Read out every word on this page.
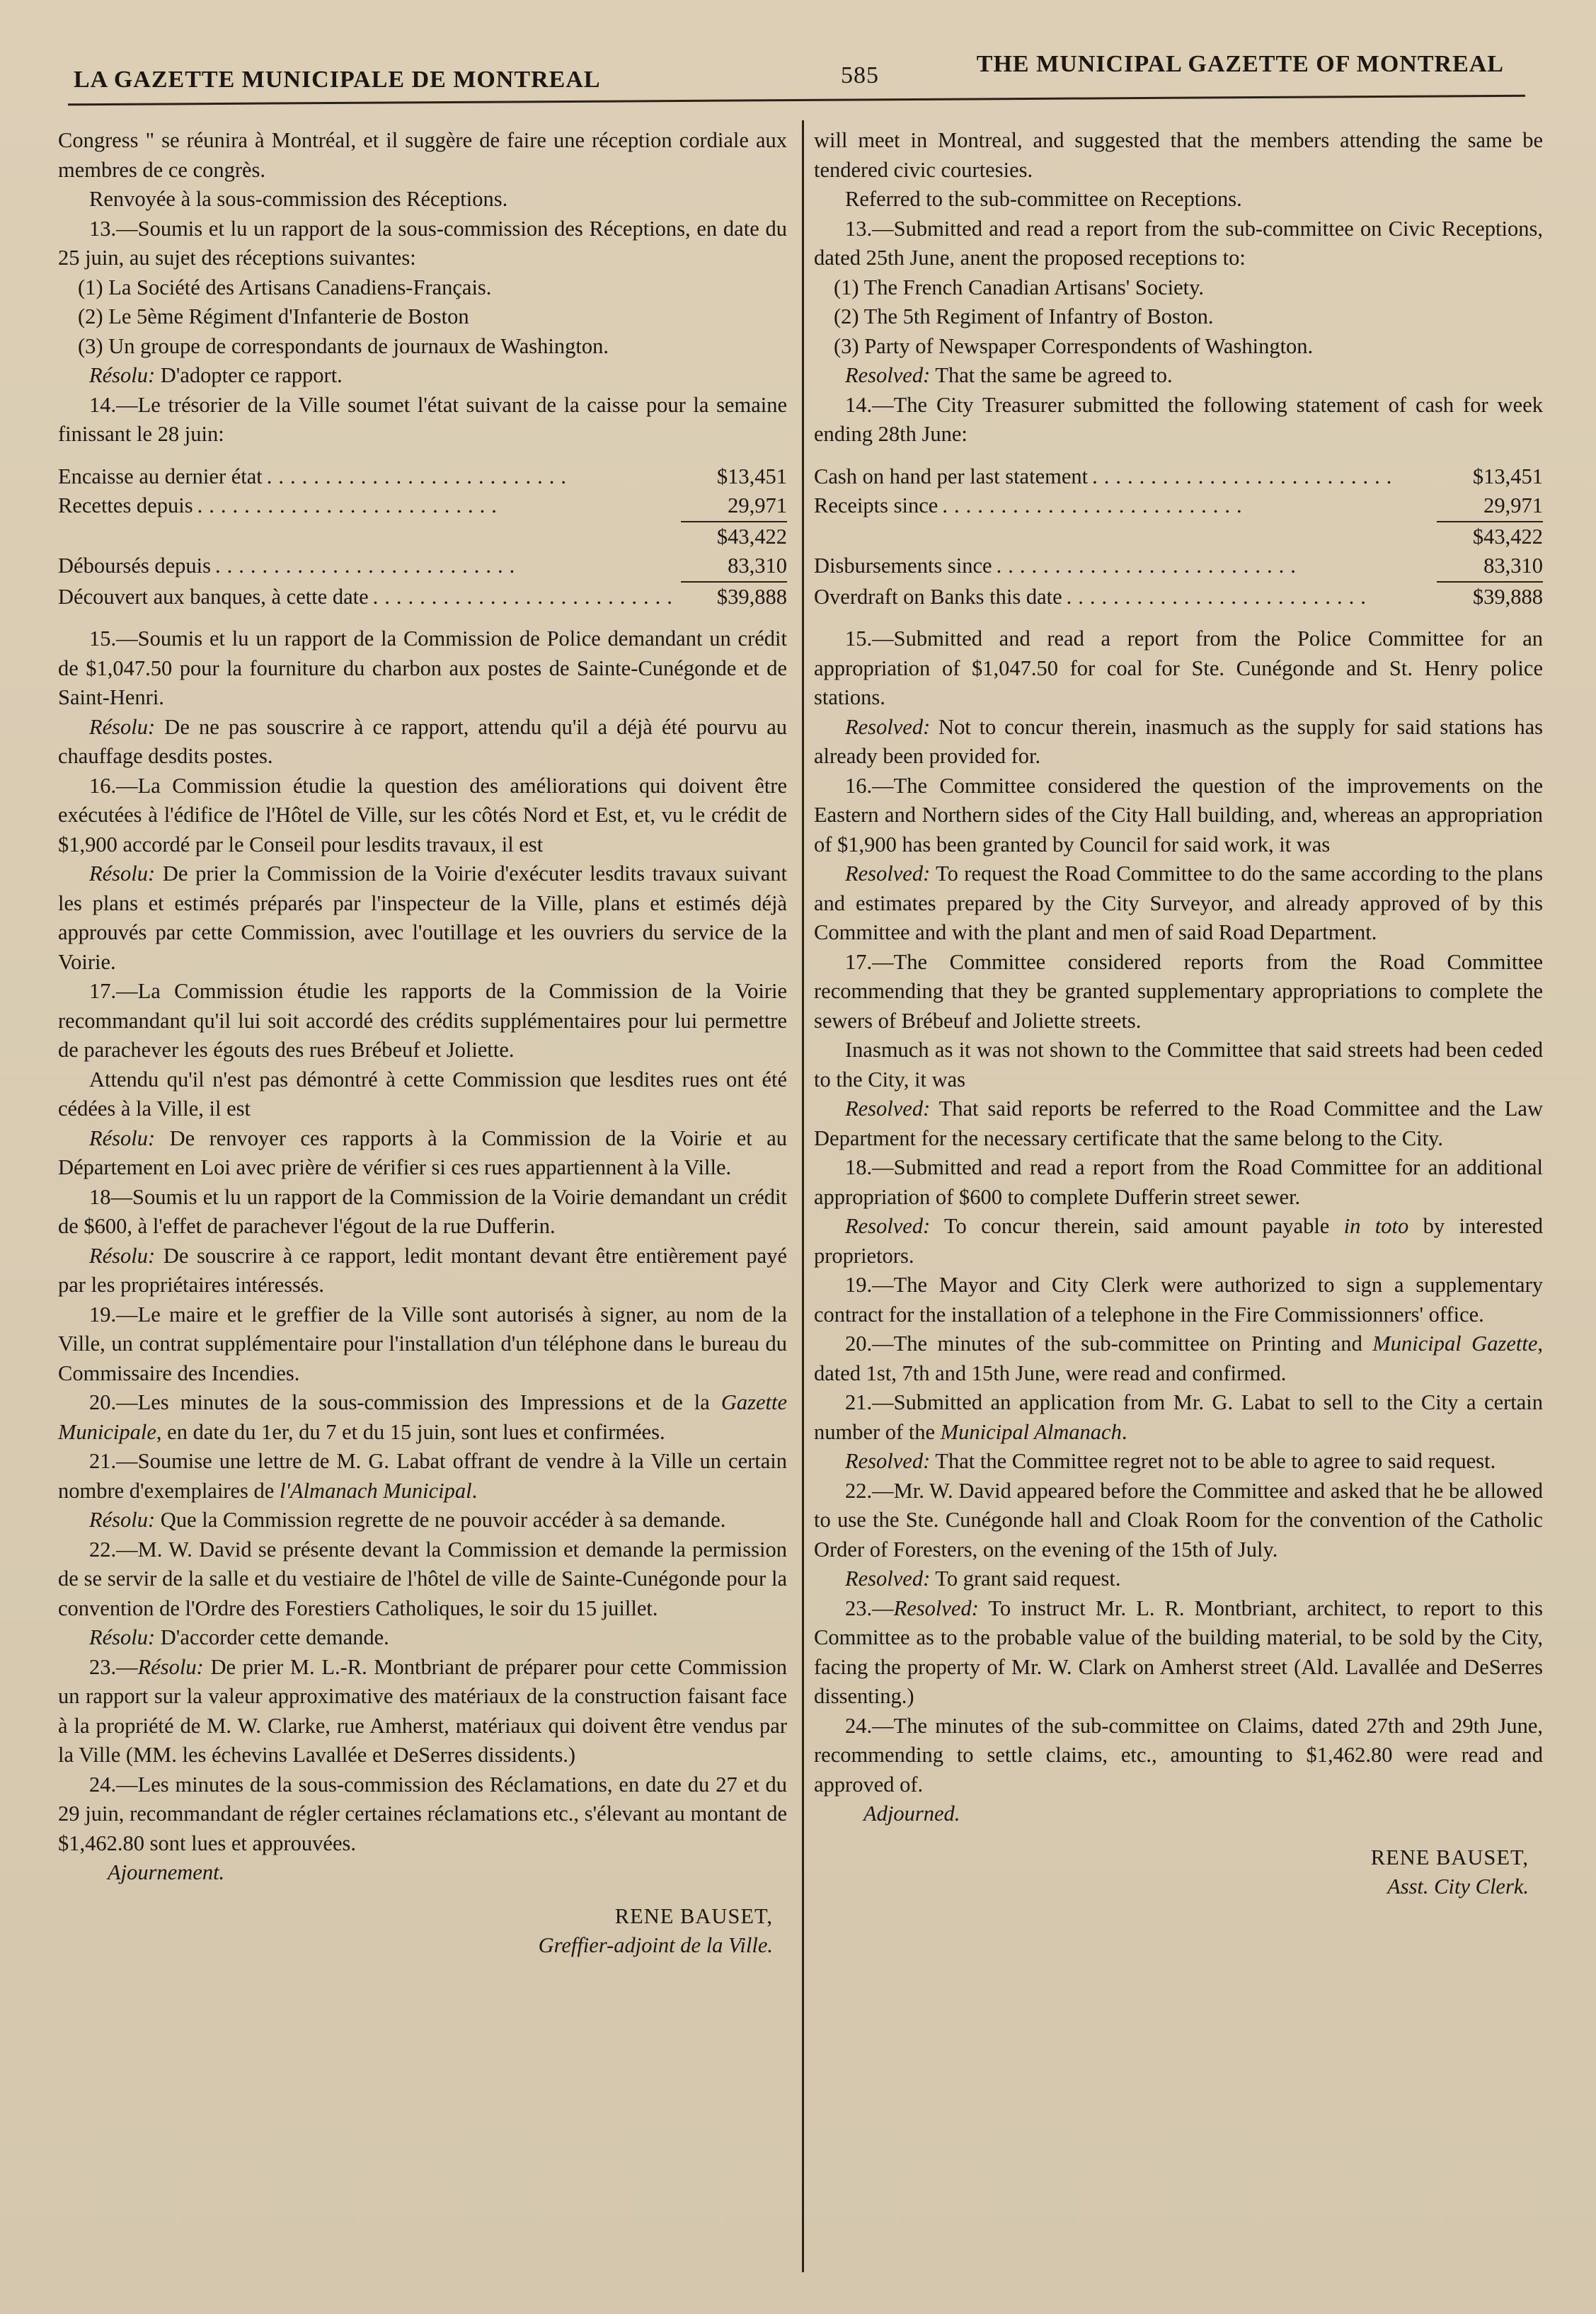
LA GAZETTE MUNICIPALE DE MONTREAL	585	THE MUNICIPAL GAZETTE OF MONTREAL

Congress " se réunira à Montréal, et il suggère de faire une réception cordiale aux membres de ce congrès.

Renvoyée à la sous-commission des Réceptions.

13.—Soumis et lu un rapport de la sous-commission des Réceptions, en date du 25 juin, au sujet des réceptions suivantes:

(1) La Société des Artisans Canadiens-Français.

(2) Le 5ème Régiment d'Infanterie de Boston

(3) Un groupe de correspondants de journaux de Washington.

Résolu: D'adopter ce rapport.

14.—Le trésorier de la Ville soumet l'état suivant de la caisse pour la semaine finissant le 28 juin:

Encaisse au dernier état ..........................	$13,451
Recettes depuis ..........................	29,971
$43,422
Déboursés depuis ..........................	83,310
Découvert aux banques, à cette date ..........................	$39,888

15.—Soumis et lu un rapport de la Commission de Police demandant un crédit de $1,047.50 pour la fourniture du charbon aux postes de Sainte-Cunégonde et de Saint-Henri.

Résolu: De ne pas souscrire à ce rapport, attendu qu'il a déjà été pourvu au chauffage desdits postes.

16.—La Commission étudie la question des améliorations qui doivent être exécutées à l'édifice de l'Hôtel de Ville, sur les côtés Nord et Est, et, vu le crédit de $1,900 accordé par le Conseil pour lesdits travaux, il est

Résolu: De prier la Commission de la Voirie d'exécuter lesdits travaux suivant les plans et estimés préparés par l'inspecteur de la Ville, plans et estimés déjà approuvés par cette Commission, avec l'outillage et les ouvriers du service de la Voirie.

17.—La Commission étudie les rapports de la Commission de la Voirie recommandant qu'il lui soit accordé des crédits supplémentaires pour lui permettre de parachever les égouts des rues Brébeuf et Joliette.

Attendu qu'il n'est pas démontré à cette Commission que lesdites rues ont été cédées à la Ville, il est

Résolu: De renvoyer ces rapports à la Commission de la Voirie et au Département en Loi avec prière de vérifier si ces rues appartiennent à la Ville.

18—Soumis et lu un rapport de la Commission de la Voirie demandant un crédit de $600, à l'effet de parachever l'égout de la rue Dufferin.

Résolu: De souscrire à ce rapport, ledit montant devant être entièrement payé par les propriétaires intéressés.

19.—Le maire et le greffier de la Ville sont autorisés à signer, au nom de la Ville, un contrat supplémentaire pour l'installation d'un téléphone dans le bureau du Commissaire des Incendies.

20.—Les minutes de la sous-commission des Impressions et de la Gazette Municipale, en date du 1er, du 7 et du 15 juin, sont lues et confirmées.

21.—Soumise une lettre de M. G. Labat offrant de vendre à la Ville un certain nombre d'exemplaires de l'Almanach Municipal.

Résolu: Que la Commission regrette de ne pouvoir accéder à sa demande.

22.—M. W. David se présente devant la Commission et demande la permission de se servir de la salle et du vestiaire de l'hôtel de ville de Sainte-Cunégonde pour la convention de l'Ordre des Forestiers Catholiques, le soir du 15 juillet.

Résolu: D'accorder cette demande.

23.—Résolu: De prier M. L.-R. Montbriant de préparer pour cette Commission un rapport sur la valeur approximative des matériaux de la construction faisant face à la propriété de M. W. Clarke, rue Amherst, matériaux qui doivent être vendus par la Ville (MM. les échevins Lavallée et DeSerres dissidents.)

24.—Les minutes de la sous-commission des Réclamations, en date du 27 et du 29 juin, recommandant de régler certaines réclamations etc., s'élevant au montant de $1,462.80 sont lues et approuvées.

Ajournement.

RENE BAUSET,
Greffier-adjoint de la Ville.

will meet in Montreal, and suggested that the members attending the same be tendered civic courtesies.

Referred to the sub-committee on Receptions.

13.—Submitted and read a report from the sub-committee on Civic Receptions, dated 25th June, anent the proposed receptions to:

(1) The French Canadian Artisans' Society.

(2) The 5th Regiment of Infantry of Boston.

(3) Party of Newspaper Correspondents of Washington.

Resolved: That the same be agreed to.

14.—The City Treasurer submitted the following statement of cash for week ending 28th June:

Cash on hand per last statement ..........................	$13,451
Receipts since ..........................	29,971
$43,422
Disbursements since ..........................	83,310
Overdraft on Banks this date ..........................	$39,888

15.—Submitted and read a report from the Police Committee for an appropriation of $1,047.50 for coal for Ste. Cunégonde and St. Henry police stations.

Resolved: Not to concur therein, inasmuch as the supply for said stations has already been provided for.

16.—The Committee considered the question of the improvements on the Eastern and Northern sides of the City Hall building, and, whereas an appropriation of $1,900 has been granted by Council for said work, it was

Resolved: To request the Road Committee to do the same according to the plans and estimates prepared by the City Surveyor, and already approved of by this Committee and with the plant and men of said Road Department.

17.—The Committee considered reports from the Road Committee recommending that they be granted supplementary appropriations to complete the sewers of Brébeuf and Joliette streets.

Inasmuch as it was not shown to the Committee that said streets had been ceded to the City, it was

Resolved: That said reports be referred to the Road Committee and the Law Department for the necessary certificate that the same belong to the City.

18.—Submitted and read a report from the Road Committee for an additional appropriation of $600 to complete Dufferin street sewer.

Resolved: To concur therein, said amount payable in toto by interested proprietors.

19.—The Mayor and City Clerk were authorized to sign a supplementary contract for the installation of a telephone in the Fire Commissionners' office.

20.—The minutes of the sub-committee on Printing and Municipal Gazette, dated 1st, 7th and 15th June, were read and confirmed.

21.—Submitted an application from Mr. G. Labat to sell to the City a certain number of the Municipal Almanach.

Resolved: That the Committee regret not to be able to agree to said request.

22.—Mr. W. David appeared before the Committee and asked that he be allowed to use the Ste. Cunégonde hall and Cloak Room for the convention of the Catholic Order of Foresters, on the evening of the 15th of July.

Resolved: To grant said request.

23.—Resolved: To instruct Mr. L. R. Montbriant, architect, to report to this Committee as to the probable value of the building material, to be sold by the City, facing the property of Mr. W. Clark on Amherst street (Ald. Lavallée and DeSerres dissenting.)

24.—The minutes of the sub-committee on Claims, dated 27th and 29th June, recommending to settle claims, etc., amounting to $1,462.80 were read and approved of.

Adjourned.

RENE BAUSET,
Asst. City Clerk.
